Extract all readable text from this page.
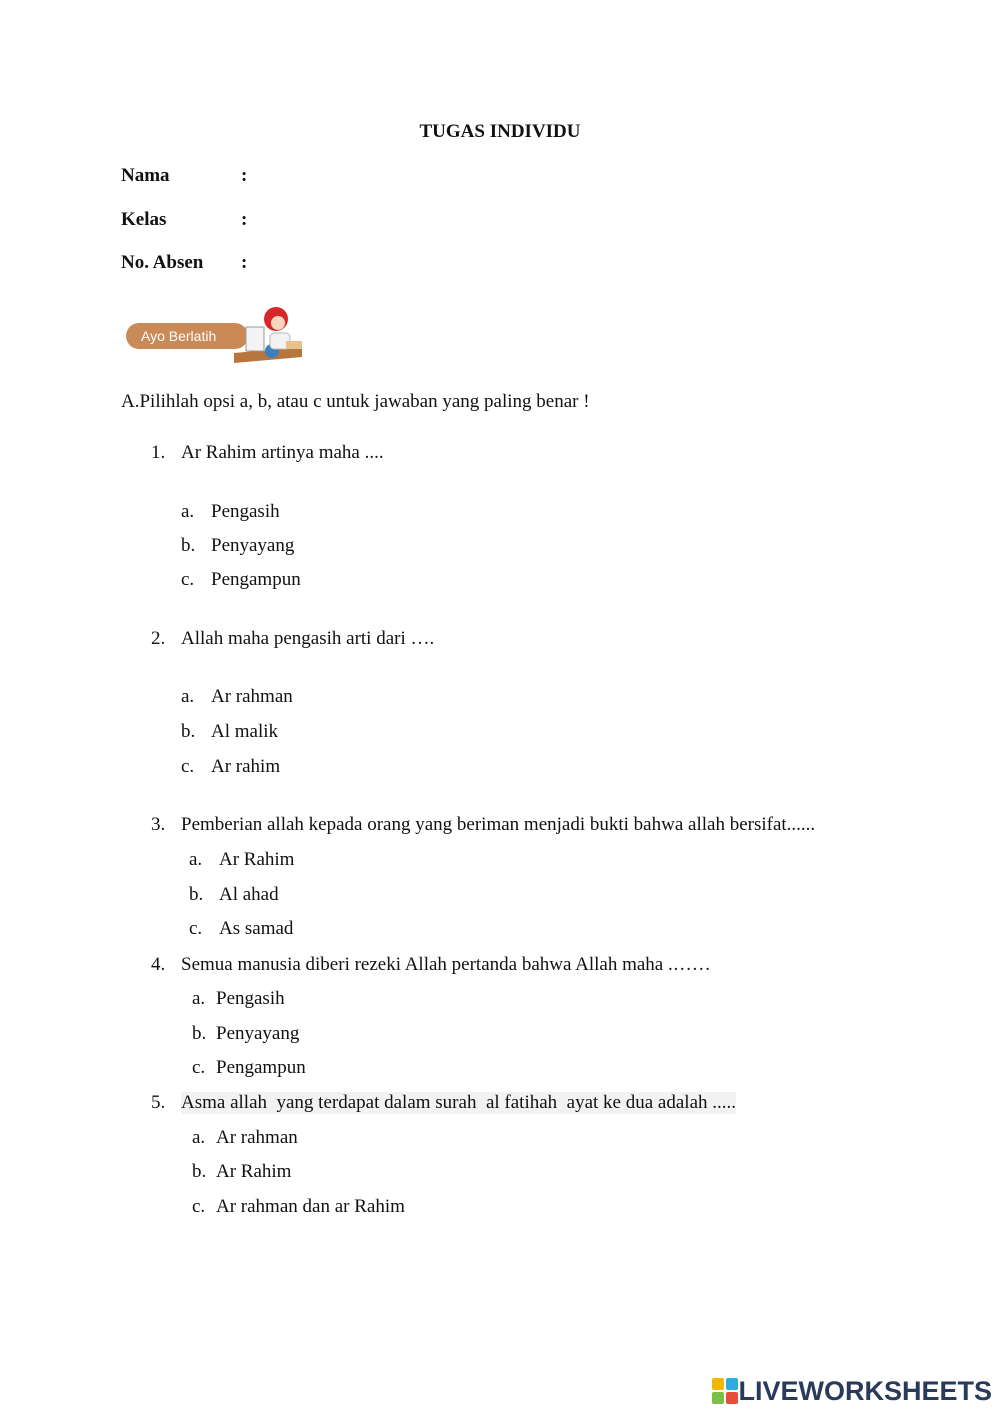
TUGAS INDIVIDU
Nama	:
Kelas	:
No. Absen :
Ayo Berlatih
A.Pilihlah opsi a, b, atau c untuk jawaban yang paling benar !
1. Ar Rahim artinya maha ....
a. Pengasih
b. Penyayang
c. Pengampun
2. Allah maha pengasih arti dari ….
a. Ar rahman
b. Al malik
c. Ar rahim
3. Pemberian allah kepada orang yang beriman menjadi bukti bahwa allah bersifat......
a. Ar Rahim
b. Al ahad
c. As samad
4. Semua manusia diberi rezeki Allah pertanda bahwa Allah maha .……
a. Pengasih
b. Penyayang
c. Pengampun
5. Asma allah  yang terdapat dalam surah  al fatihah  ayat ke dua adalah .....
a. Ar rahman
b. Ar Rahim
c. Ar rahman dan ar Rahim
LIVEWORKSHEETS
